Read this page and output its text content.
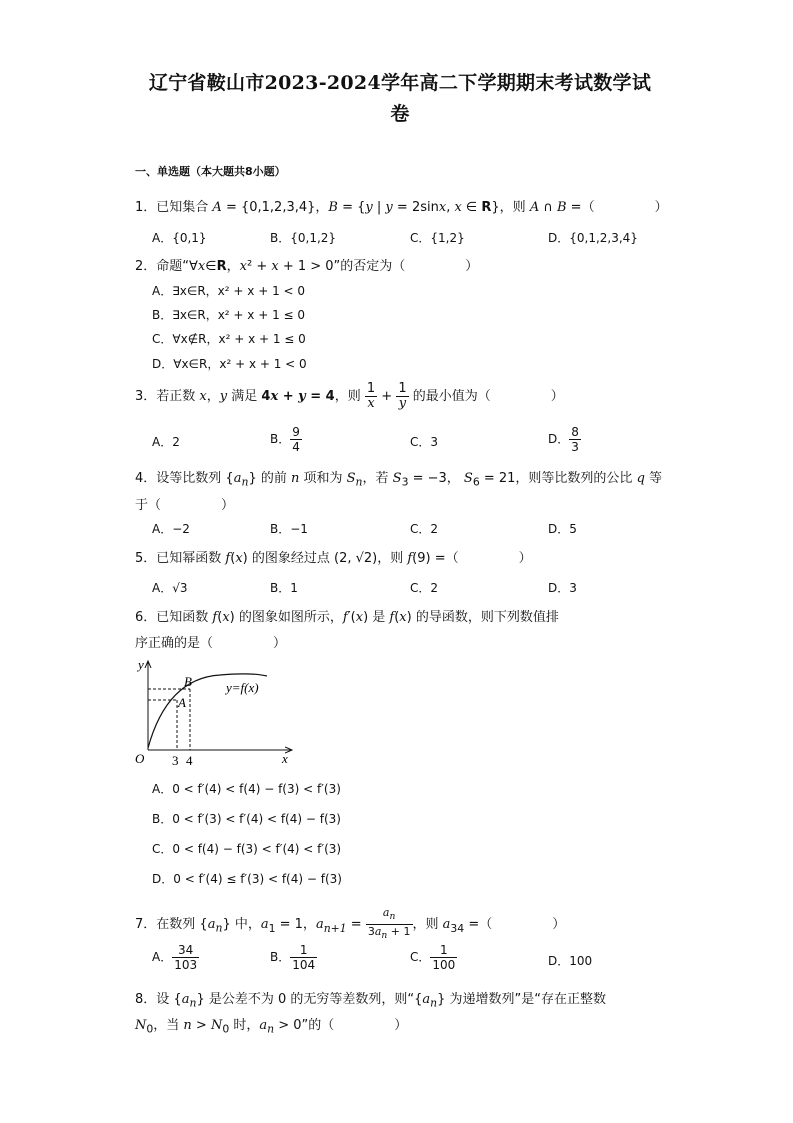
辽宁省鞍山市2023-2024学年高二下学期期末考试数学试
卷
一、单选题（本大题共8小题）
1．已知集合 A = {0,1,2,3,4}，B = {y | y = 2sinx, x ∈ R}，则 A ∩ B =（	）
A．{0,1}	B．{0,1,2}	C．{1,2}	D．{0,1,2,3,4}
2．命题“∀x∈R，x² + x + 1 > 0”的否定为（	）
A．∃x∈R，x² + x + 1 < 0
B．∃x∈R，x² + x + 1 ≤ 0
C．∀x∉R，x² + x + 1 ≤ 0
D．∀x∈R，x² + x + 1 < 0
3．若正数 x，y 满足 4x + y = 4，则 $\frac{1}{x} + \frac{1}{y}$ 的最小值为（	）
A．2	B． $\frac{9}{4}$	C．3	D． $\frac{8}{3}$
4．设等比数列 $\{a_n\}$ 的前 n 项和为 $S_n$，若 $S_3 = -3$， $S_6 = 21$，则等比数列的公比 q 等
于（	）
A．−2	B．−1	C．2	D．5
5．已知幂函数 f(x) 的图象经过点 (2, √2)，则 f(9) =（	）
A．√3	B．1	C．2	D．3
6．已知函数 f(x) 的图象如图所示，f′(x) 是 f(x) 的导函数，则下列数值排
序正确的是（	）
y
x
O
B
A
3 4
y=f(x)
A．0 < f′(4) < f(4) − f(3) < f′(3)
B．0 < f′(3) < f′(4) < f(4) − f(3)
C．0 < f(4) − f(3) < f′(4) < f′(3)
D．0 < f′(4) ≤ f′(3) < f(4) − f(3)
7．在数列 $\{a_n\}$ 中，$a_1 = 1$，$a_{n+1} = \frac{a_n}{3a_n + 1}$ ，则 $a_{34}$ =（	）
A． $\frac{34}{103}$	B． $\frac{1}{104}$	C． $\frac{1}{100}$	D．100
8．设 $\{a_n\}$ 是公差不为 0 的无穷等差数列，则“$\{a_n\}$ 为递增数列”是“存在正整数
$N_0$，当 $n > N_0$ 时，$a_n > 0$”的（	）
